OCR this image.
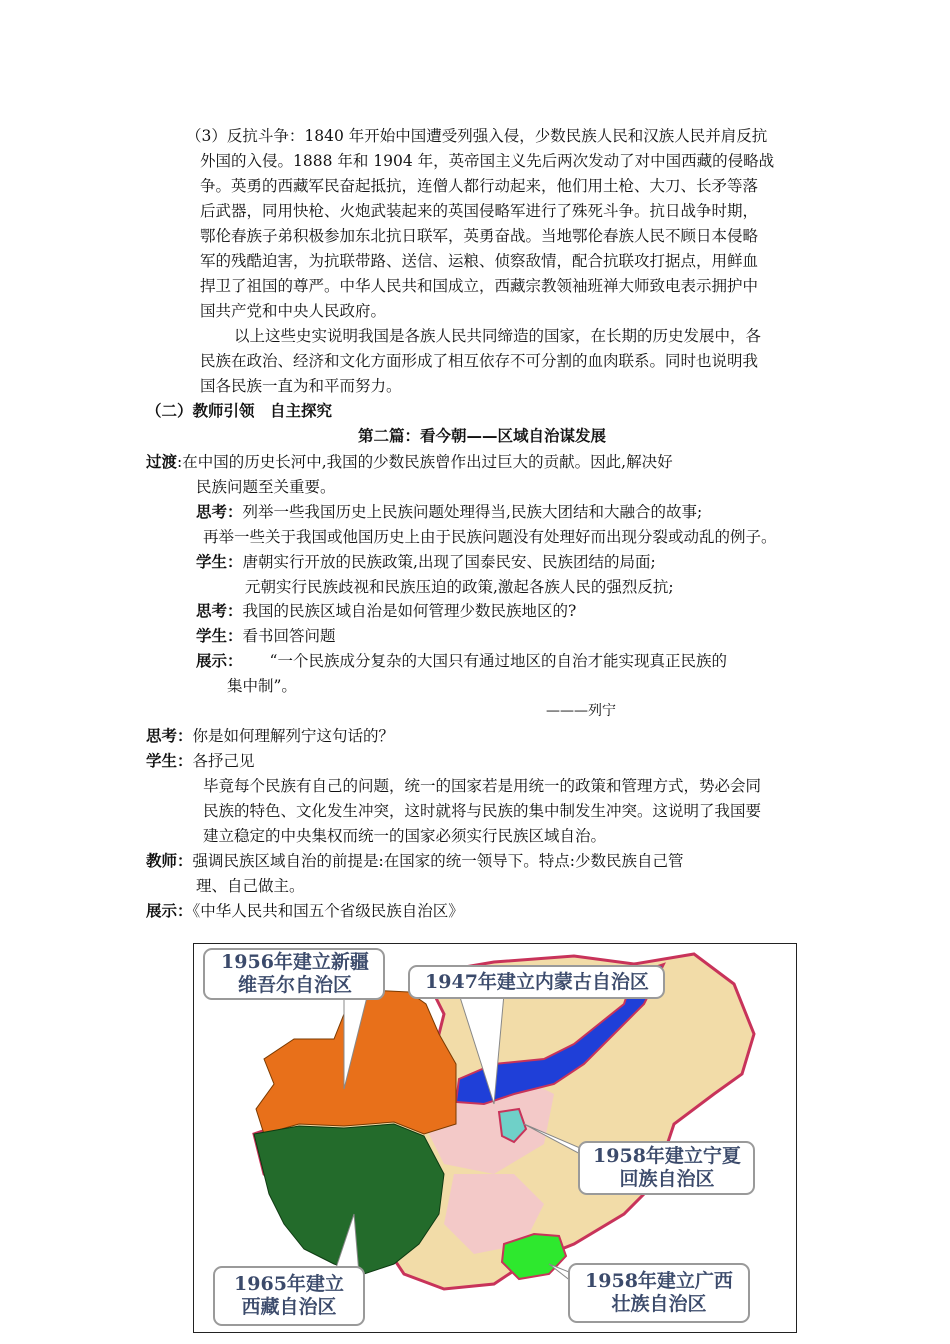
（3）反抗斗争：1840 年开始中国遭受列强入侵，少数民族人民和汉族人民并肩反抗
外国的入侵。1888 年和 1904 年，英帝国主义先后两次发动了对中国西藏的侵略战
争。英勇的西藏军民奋起抵抗，连僧人都行动起来，他们用土枪、大刀、长矛等落
后武器，同用快枪、火炮武装起来的英国侵略军进行了殊死斗争。抗日战争时期，
鄂伦春族子弟积极参加东北抗日联军，英勇奋战。当地鄂伦春族人民不顾日本侵略
军的残酷迫害，为抗联带路、送信、运粮、侦察敌情，配合抗联攻打据点，用鲜血
捍卫了祖国的尊严。中华人民共和国成立，西藏宗教领袖班禅大师致电表示拥护中
国共产党和中央人民政府。
以上这些史实说明我国是各族人民共同缔造的国家，在长期的历史发展中，各
民族在政治、经济和文化方面形成了相互依存不可分割的血肉联系。同时也说明我
国各民族一直为和平而努力。
（二）教师引领　自主探究
第二篇：看今朝——区域自治谋发展
过渡:在中国的历史长河中,我国的少数民族曾作出过巨大的贡献。因此,解决好
民族问题至关重要。
思考：列举一些我国历史上民族问题处理得当,民族大团结和大融合的故事;
再举一些关于我国或他国历史上由于民族问题没有处理好而出现分裂或动乱的例子。
学生：唐朝实行开放的民族政策,出现了国泰民安、民族团结的局面;
元朝实行民族歧视和民族压迫的政策,激起各族人民的强烈反抗;
思考：我国的民族区域自治是如何管理少数民族地区的?
学生：看书回答问题
展示： “一个民族成分复杂的大国只有通过地区的自治才能实现真正民族的
集中制”。
———列宁
思考：你是如何理解列宁这句话的？
学生：各抒己见
毕竟每个民族有自己的问题，统一的国家若是用统一的政策和管理方式，势必会同
民族的特色、文化发生冲突，这时就将与民族的集中制发生冲突。这说明了我国要
建立稳定的中央集权而统一的国家必须实行民族区域自治。
教师：强调民族区域自治的前提是:在国家的统一领导下。特点:少数民族自己管
理、自己做主。
展示：《中华人民共和国五个省级民族自治区》
1956年建立新疆
维吾尔自治区	1947年建立内蒙古自治区
1958年建立宁夏
回族自治区
1965年建立
西藏自治区
1958年建立广西
壮族自治区
